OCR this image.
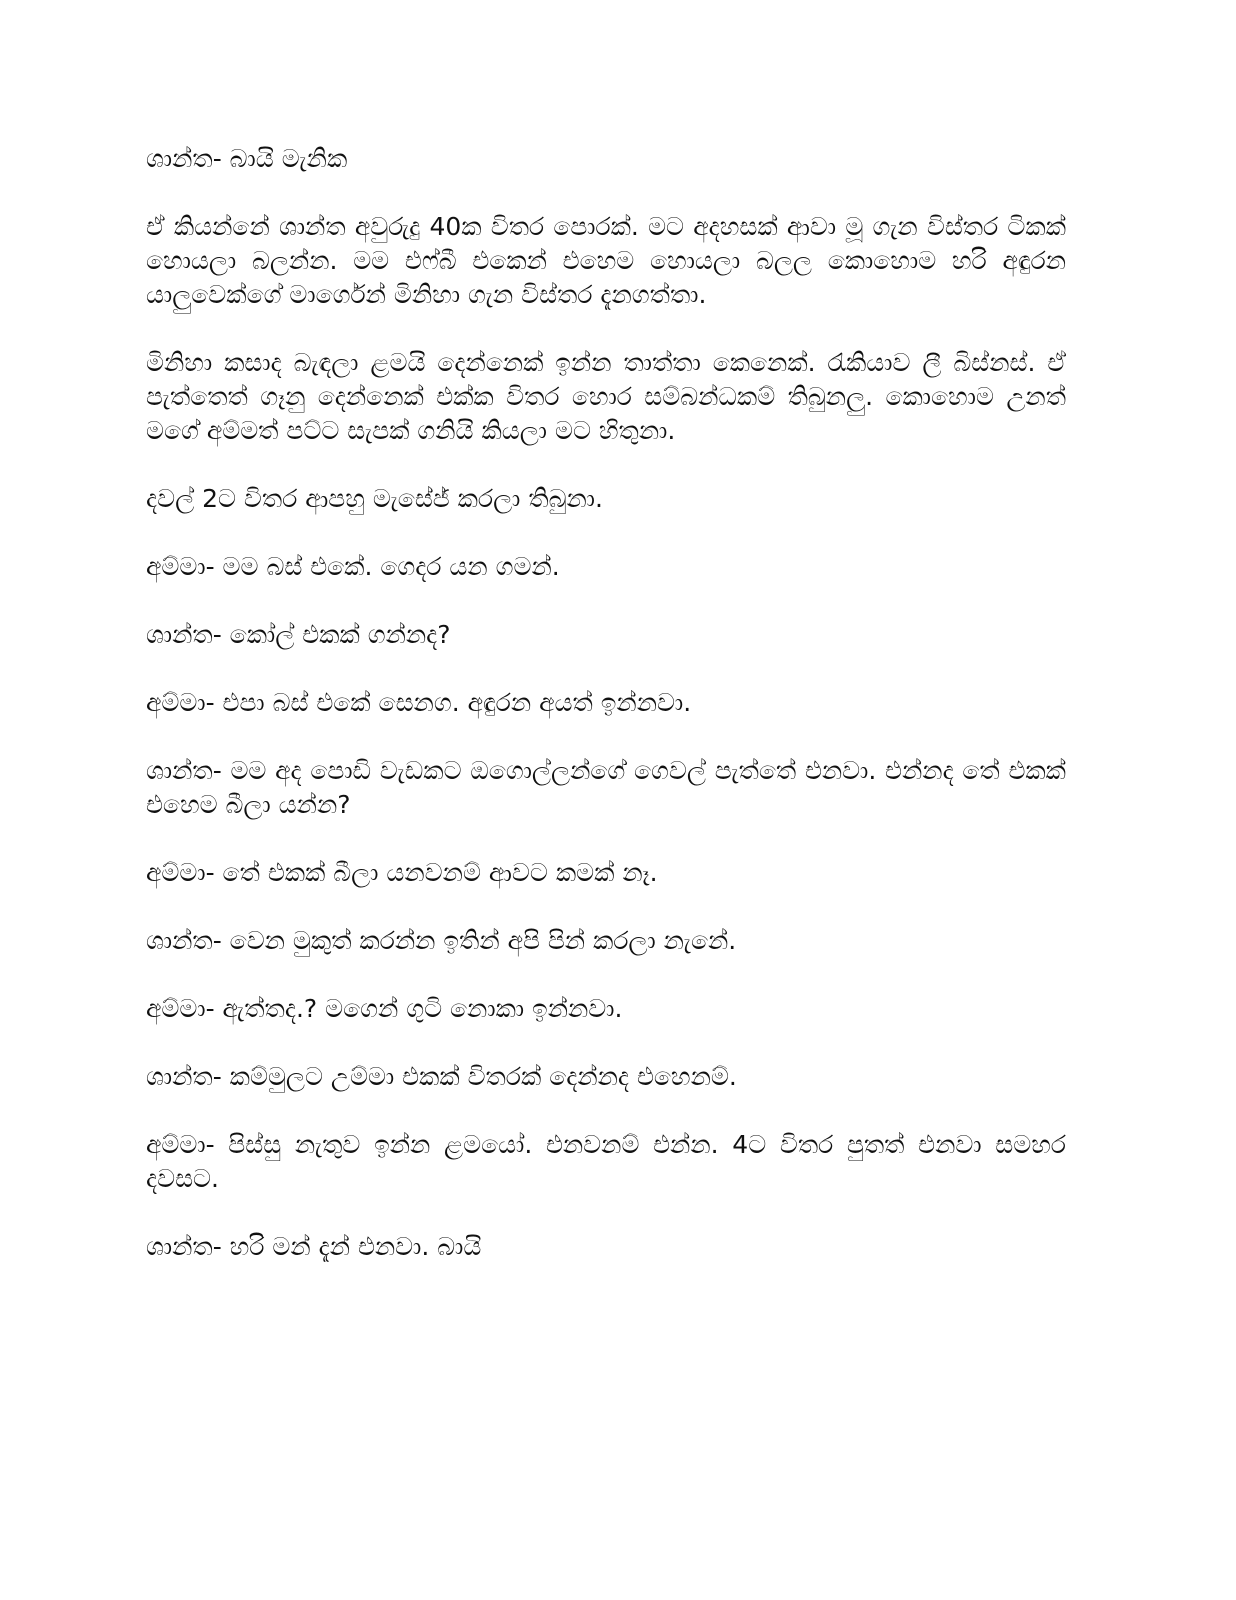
ශාන්ත- බායි මැනික

ඒ කියන්නේ ශාන්ත අවුරුදු 40ක විතර පොරක්. මට අදහසක් ආවා මූ ගැන විස්තර ටිකක් හොයලා බලන්න. මම එෆ්බී එකෙන් එහෙම හොයලා බලල කොහොම හරි අඳුරන යාලුවෙක්ගේ මාර්ගෙන් මිනිහා ගැන විස්තර දැනගත්තා.

මිනිහා කසාද බැඳලා ළමයි දෙන්නෙක් ඉන්න තාත්තා කෙනෙක්. රැකියාව ලී බිස්නස්. ඒ පැත්තෙත් ගෑනු දෙන්නෙක් එක්ක විතර හොර සම්බන්ධකම් තිබුනලු. කොහොම උනත් මගේ අම්මත් පට්ට සැපක් ගනියි කියලා මට හිතුනා.

දවල් 2ට විතර ආපහු මැසේජ් කරලා තිබුනා.

අම්මා- මම බස් එකේ. ගෙදර යන ගමන්.

ශාන්ත- කෝල් එකක් ගන්නද?

අම්මා- එපා බස් එකේ සෙනග. අඳුරන අයත් ඉන්නවා.

ශාන්ත- මම අද පොඩි වැඩකට ඔගොල්ලන්ගේ ගෙවල් පැත්තේ එනවා. එන්නද තේ එකක් එහෙම බීලා යන්න?

අම්මා- තේ එකක් බීලා යනවනම් ආවට කමක් නෑ.

ශාන්ත- වෙන මුකුත් කරන්න ඉතින් අපි පින් කරලා නැනේ.

අම්මා- ඇත්තද.? මගෙන් ගුටි නොකා ඉන්නවා.

ශාන්ත- කම්මුලට උම්මා එකක් විතරක් දෙන්නද එහෙනම්.

අම්මා- පිස්සු නැතුව ඉන්න ළමයෝ. එනවනම් එන්න. 4ට විතර පුතත් එනවා සමහර දවසට.

ශාන්ත- හරි මන් දැන් එනවා. බායි
